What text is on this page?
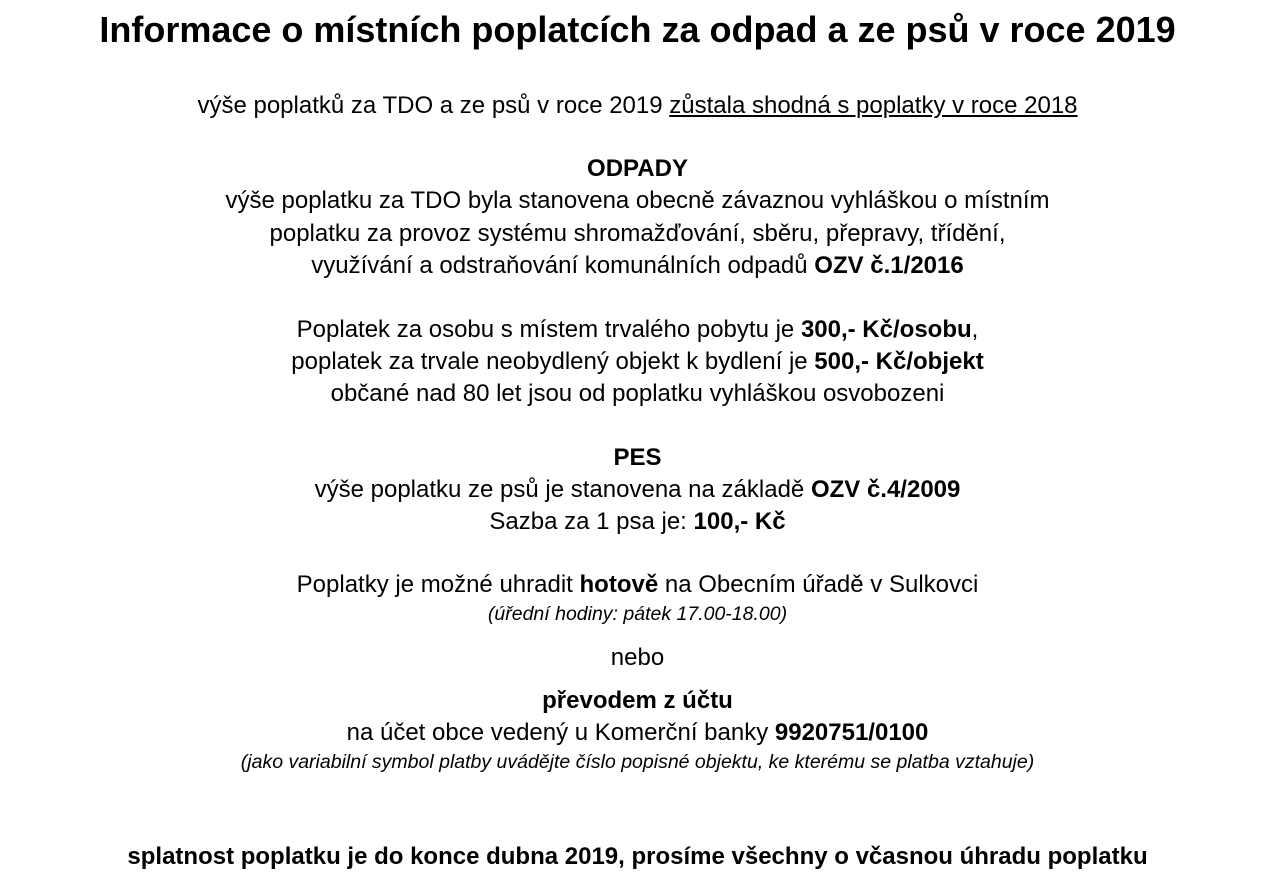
Informace o místních poplatcích za odpad a ze psů v roce 2019
výše poplatků za TDO a ze psů v roce 2019 zůstala shodná s poplatky v roce 2018
ODPADY
výše poplatku za TDO byla stanovena obecně závaznou vyhláškou o místním
poplatku za provoz systému shromažďování, sběru, přepravy, třídění,
využívání a odstraňování komunálních odpadů OZV č.1/2016
Poplatek za osobu s místem trvalého pobytu je 300,- Kč/osobu,
poplatek za trvale neobydlený objekt k bydlení je 500,- Kč/objekt
občané nad 80 let jsou od poplatku vyhláškou osvobozeni
PES
výše poplatku ze psů je stanovena na základě OZV č.4/2009
Sazba za 1 psa je: 100,- Kč
Poplatky je možné uhradit hotově na Obecním úřadě v Sulkovci
(úřední hodiny: pátek 17.00-18.00)
nebo
převodem z účtu
na účet obce vedený u Komerční banky 9920751/0100
(jako variabilní symbol platby uvádějte číslo popisné objektu, ke kterému se platba vztahuje)
splatnost poplatku je do konce dubna 2019, prosíme všechny o včasnou úhradu poplatku
